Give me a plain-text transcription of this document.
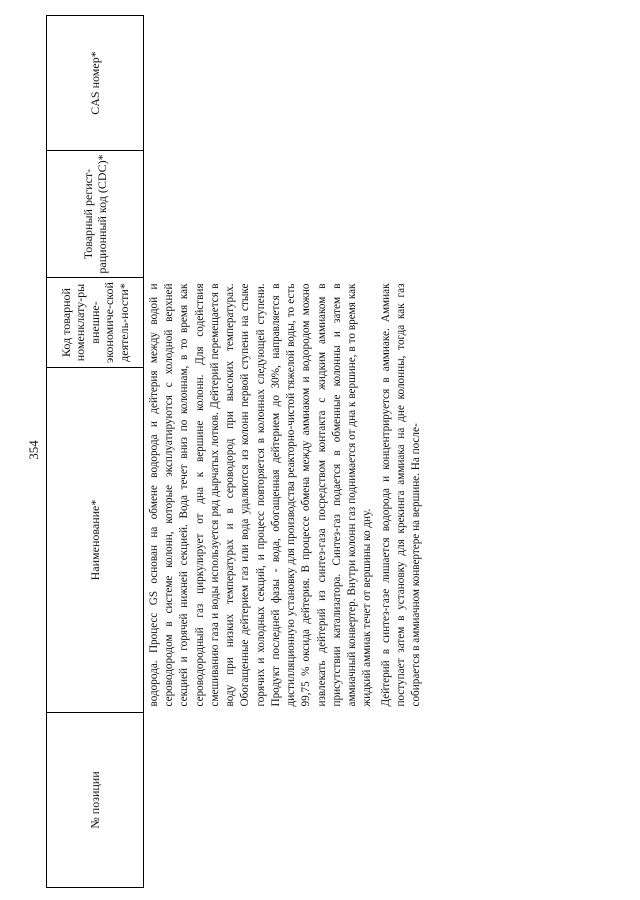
354
№ позиции	Наименование*	Код товарной номенклату-ры внешне-экономиче-ской деятель-ности*	Товарный регист-рационный код (CDC)*	CAS номер*

	водорода. Процесс GS основан на обмене водорода и дейтерия между водой и сероводородом в системе колонн, которые эксплуатируются с холодной верхней секцией и горячей нижней секцией. Вода течет вниз по колоннам, в то время как сероводородный газ циркулирует от дна к вершине колонн. Для содействия смешиванию газа и воды используется ряд дырчатых лотков. Дейтерий перемещается в воду при низких температурах и в сероводород при высоких температурах. Обогащенные дейтерием газ или вода удаляются из колонн первой ступени на стыке горячих и холодных секций, и процесс повторяется в колоннах следующей ступени. Продукт последней фазы - вода, обогащенная дейтерием до 30%, направляется в дистилляционную установку для производства реакторно-чистой тяжелой воды, то есть 99,75 % оксида дейтерия. В процессе обмена между аммиаком и водородом можно извлекать дейтерий из синтез-газа посредством контакта с жидким аммиаком в присутствии катализатора. Синтез-газ подается в обменные колонны и затем в аммиачный конвертер. Внутри колонн газ поднимается от дна к вершине, в то время как жидкий аммиак течет от вершины ко дну. Дейтерий в синтез-газе лишается водорода и концентрируется в аммиаке. Аммиак поступает затем в установку для крекинга аммиака на дне колонны, тогда как газ собирается в аммиачном конвертере на вершине. На после-			
